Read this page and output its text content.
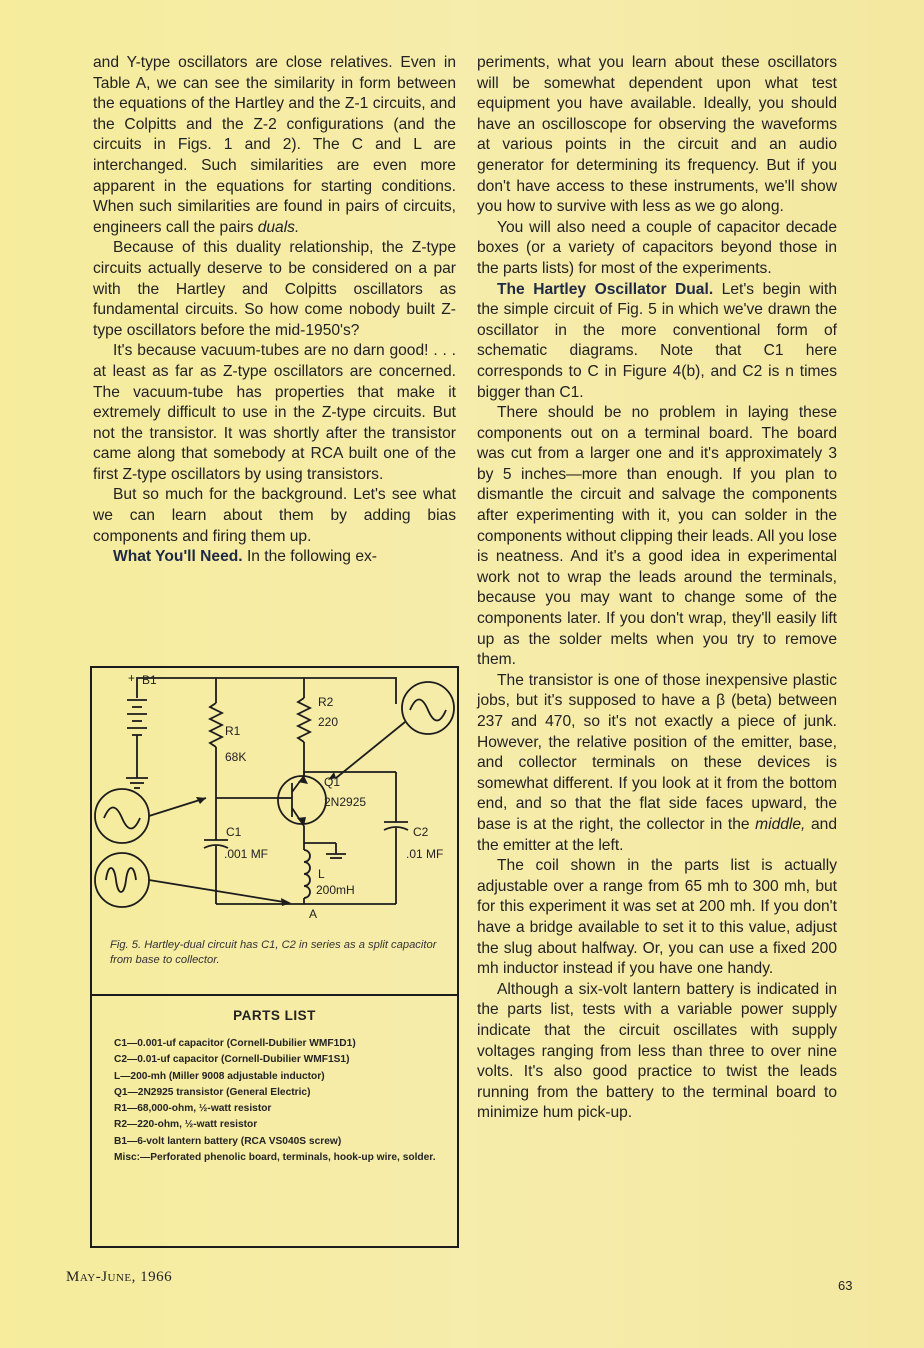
and Y-type oscillators are close relatives. Even in Table A, we can see the similarity in form between the equations of the Hartley and the Z-1 circuits, and the Colpitts and the Z-2 configurations (and the circuits in Figs. 1 and 2). The C and L are interchanged. Such similarities are even more apparent in the equations for starting conditions. When such similarities are found in pairs of circuits, engineers call the pairs duals.

Because of this duality relationship, the Z-type circuits actually deserve to be considered on a par with the Hartley and Colpitts oscillators as fundamental circuits. So how come nobody built Z-type oscillators before the mid-1950's?

It's because vacuum-tubes are no darn good! . . . at least as far as Z-type oscillators are concerned. The vacuum-tube has properties that make it extremely difficult to use in the Z-type circuits. But not the transistor. It was shortly after the transistor came along that somebody at RCA built one of the first Z-type oscillators by using transistors.

But so much for the background. Let's see what we can learn about them by adding bias components and firing them up.

What You'll Need. In the following ex-

+ B1
R1
68K
R2
220
Q1
2N2925
C1
.001 MF
C2
.01 MF
L
200mH
A
Fig. 5. Hartley-dual circuit has C1, C2 in series as a split capacitor from base to collector.
PARTS LIST
C1—0.001-uf capacitor (Cornell-Dubilier WMF1D1)
C2—0.01-uf capacitor (Cornell-Dubilier WMF1S1)
L—200-mh (Miller 9008 adjustable inductor)
Q1—2N2925 transistor (General Electric)
R1—68,000-ohm, ½-watt resistor
R2—220-ohm, ½-watt resistor
B1—6-volt lantern battery (RCA VS040S screw)
Misc:—Perforated phenolic board, terminals, hook-up wire, solder.

periments, what you learn about these oscillators will be somewhat dependent upon what test equipment you have available. Ideally, you should have an oscilloscope for observing the waveforms at various points in the circuit and an audio generator for determining its frequency. But if you don't have access to these instruments, we'll show you how to survive with less as we go along.

You will also need a couple of capacitor decade boxes (or a variety of capacitors beyond those in the parts lists) for most of the experiments.

The Hartley Oscillator Dual. Let's begin with the simple circuit of Fig. 5 in which we've drawn the oscillator in the more conventional form of schematic diagrams. Note that C1 here corresponds to C in Figure 4(b), and C2 is n times bigger than C1.

There should be no problem in laying these components out on a terminal board. The board was cut from a larger one and it's approximately 3 by 5 inches—more than enough. If you plan to dismantle the circuit and salvage the components after experimenting with it, you can solder in the components without clipping their leads. All you lose is neatness. And it's a good idea in experimental work not to wrap the leads around the terminals, because you may want to change some of the components later. If you don't wrap, they'll easily lift up as the solder melts when you try to remove them.

The transistor is one of those inexpensive plastic jobs, but it's supposed to have a β (beta) between 237 and 470, so it's not exactly a piece of junk. However, the relative position of the emitter, base, and collector terminals on these devices is somewhat different. If you look at it from the bottom end, and so that the flat side faces upward, the base is at the right, the collector in the middle, and the emitter at the left.

The coil shown in the parts list is actually adjustable over a range from 65 mh to 300 mh, but for this experiment it was set at 200 mh. If you don't have a bridge available to set it to this value, adjust the slug about halfway. Or, you can use a fixed 200 mh inductor instead if you have one handy.

Although a six-volt lantern battery is indicated in the parts list, tests with a variable power supply indicate that the circuit oscillates with supply voltages ranging from less than three to over nine volts. It's also good practice to twist the leads running from the battery to the terminal board to minimize hum pick-up.

May-June, 1966
63
